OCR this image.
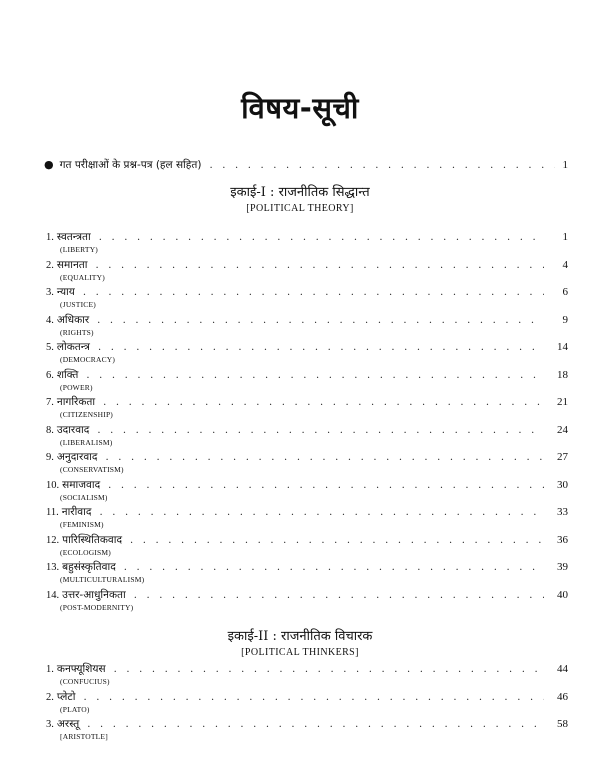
विषय-सूची
● गत परीक्षाओं के प्रश्न-पत्र (हल सहित) . . .	1
इकाई-I : राजनीतिक सिद्धान्त
[POLITICAL THEORY]
1. स्वतन्त्रता . . .	1
(LIBERTY)
2. समानता . . .	4
(EQUALITY)
3. न्याय . . .	6
(JUSTICE)
4. अधिकार . . .	9
(RIGHTS)
5. लोकतन्त्र . . .	14
(DEMOCRACY)
6. शक्ति . . .	18
(POWER)
7. नागरिकता . . .	21
(CITIZENSHIP)
8. उदारवाद . . .	24
(LIBERALISM)
9. अनुदारवाद . . .	27
(CONSERVATISM)
10. समाजवाद . . .	30
(SOCIALISM)
11. नारीवाद . . .	33
(FEMINISM)
12. पारिस्थितिकवाद . . .	36
(ECOLOGISM)
13. बहुसंस्कृतिवाद . . .	39
(MULTICULTURALISM)
14. उत्तर-आधुनिकता . . .	40
(POST-MODERNITY)
इकाई-II : राजनीतिक विचारक
[POLITICAL THINKERS]
1. कनफ्यूशियस . . .	44
(CONFUCIUS)
2. प्लेटो . . .	46
(PLATO)
3. अरस्तू . . .	58
[ARISTOTLE]
